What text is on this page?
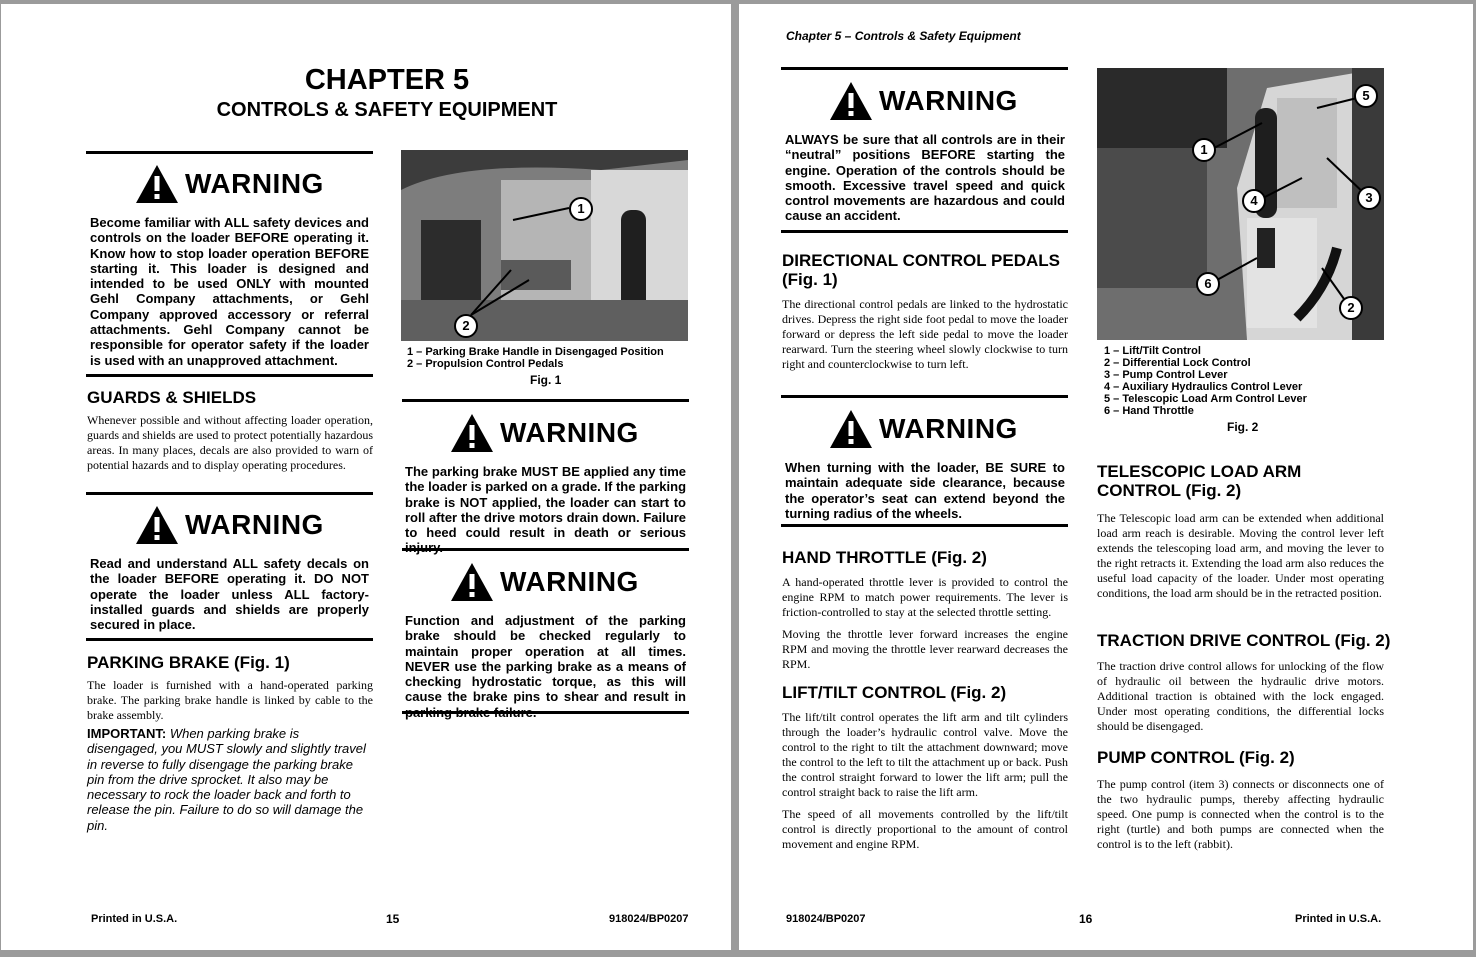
CHAPTER 5
CONTROLS & SAFETY EQUIPMENT
WARNING
Become familiar with ALL safety devices and controls on the loader BEFORE operating it. Know how to stop loader operation BEFORE starting it. This loader is designed and intended to be used ONLY with mounted Gehl Company attachments, or Gehl Company approved accessory or referral attachments. Gehl Company cannot be responsible for operator safety if the loader is used with an unapproved attachment.
GUARDS & SHIELDS
Whenever possible and without affecting loader operation, guards and shields are used to protect potentially hazardous areas. In many places, decals are also provided to warn of potential hazards and to display operating procedures.
WARNING
Read and understand ALL safety decals on the loader BEFORE operating it. DO NOT operate the loader unless ALL factory-installed guards and shields are properly secured in place.
PARKING BRAKE (Fig. 1)
The loader is furnished with a hand-operated parking brake. The parking brake handle is linked by cable to the brake assembly.
IMPORTANT: When parking brake is disengaged, you MUST slowly and slightly travel in reverse to fully disengage the parking brake pin from the drive sprocket. It also may be necessary to rock the loader back and forth to release the pin. Failure to do so will damage the pin.
1
2
1 – Parking Brake Handle in Disengaged Position
2 – Propulsion Control Pedals
Fig. 1
WARNING
The parking brake MUST BE applied any time the loader is parked on a grade. If the parking brake is NOT applied, the loader can start to roll after the drive motors drain down. Failure to heed could result in death or serious
WARNING
Function and adjustment of the parking brake should be checked regularly to maintain proper operation at all times. NEVER use the parking brake as a means of checking hydrostatic torque, as this will cause the brake pins to shear and result in
Printed in U.S.A.	15	918024/BP0207
Chapter 5 – Controls & Safety Equipment
WARNING
ALWAYS be sure that all controls are in their “neutral” positions BEFORE starting the engine. Operation of the controls should be smooth. Excessive travel speed and quick control movements are hazardous and could cause an accident.
DIRECTIONAL CONTROL PEDALS (Fig. 1)
The directional control pedals are linked to the hydrostatic drives. Depress the right side foot pedal to move the loader forward or depress the left side pedal to move the loader rearward. Turn the steering wheel slowly clockwise to turn right and counterclockwise to turn left.
WARNING
When turning with the loader, BE SURE to maintain adequate side clearance, because the operator’s seat can extend beyond the turning radius of the wheels.
HAND THROTTLE (Fig. 2)

A hand-operated throttle lever is provided to control the engine RPM to match power requirements. The lever is friction-controlled to stay at the selected throttle setting.

Moving the throttle lever forward increases the engine RPM and moving the throttle lever rearward decreases the RPM.

LIFT/TILT CONTROL (Fig. 2)

The lift/tilt control operates the lift arm and tilt cylinders through the loader’s hydraulic control valve. Move the control to the right to tilt the attachment downward; move the control to the left to tilt the attachment up or back. Push the control straight forward to lower the lift arm; pull the control straight back to raise the lift arm.

The speed of all movements controlled by the lift/tilt control is directly proportional to the amount of control movement and engine RPM.

1
2
3
4
5
6
1 – Lift/Tilt Control
2 – Differential Lock Control
3 – Pump Control Lever
4 – Auxiliary Hydraulics Control Lever
5 – Telescopic Load Arm Control Lever
6 – Hand Throttle
Fig. 2
TELESCOPIC LOAD ARM CONTROL (Fig. 2)
The Telescopic load arm can be extended when additional load arm reach is desirable. Moving the control lever left extends the telescoping load arm, and moving the lever to the right retracts it. Extending the load arm also reduces the useful load capacity of the loader. Under most operating conditions, the load arm should be in the retracted position.
TRACTION DRIVE CONTROL (Fig. 2)
The traction drive control allows for unlocking of the flow of hydraulic oil between the hydraulic drive motors. Additional traction is obtained with the lock engaged. Under most operating conditions, the differential locks should be disengaged.
PUMP CONTROL (Fig. 2)
The pump control (item 3) connects or disconnects one of the two hydraulic pumps, thereby affecting hydraulic speed. One pump is connected when the control is to the right (turtle) and both pumps are connected when the control is to the left (rabbit).
918024/BP0207	16	Printed in U.S.A.
